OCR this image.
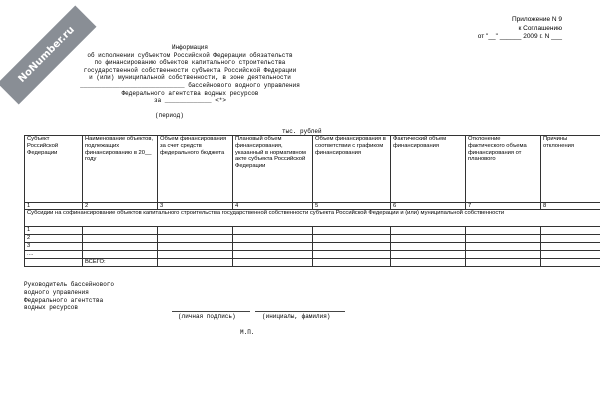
NoNumber.ru
Приложение N 9
к Соглашению
от "__" ______ 2009 г. N ___
Информация
об исполнении субъектом Российской Федерации обязательств
по финансированию объектов капитального строительства
государственной собственности субъекта Российской Федерации
и (или) муниципальной собственности, в зоне деятельности
_____________________________ бассейнового водного управления
Федерального агентства водных ресурсов
за _____________ <*>
(период)
тыс. рублей
Субъект Российской Федерации	Наименование объектов, подлежащих финансированию в 20__ году	Объем финансирования за счет средств федерального бюджета	Плановый объем финансирования, указанный в нормативном акте субъекта Российской Федерации	Объем финансирования в соответствии с графиком финансирования	Фактический объем финансирования	Отклонение фактического объема финансирования от планового	Причины отклонения
1	2	3	4	5	6	7	8
Субсидии на софинансирование объектов капитального строительства государственной собственности субъекта Российской Федерации и (или) муниципальной собственности							
1							
2							
3							
....							
	ВСЕГО:						
Руководитель бассейнового
водного управления
Федерального агентства
водных ресурсов
(личная подпись)	(инициалы, фамилия)
М.П.
